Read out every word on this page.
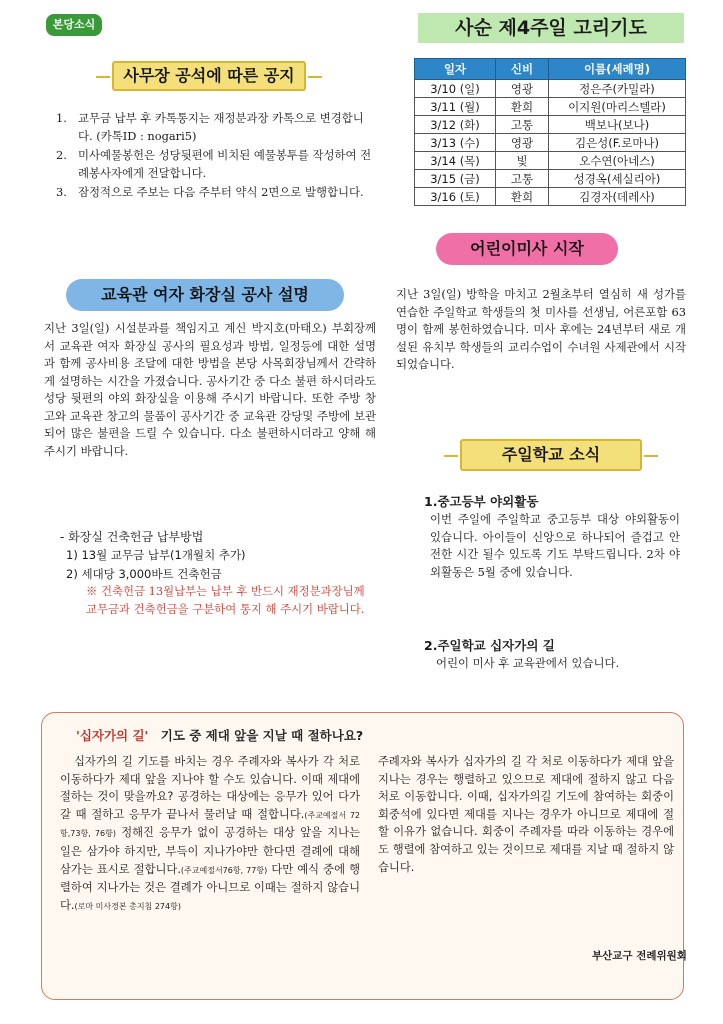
본당소식
사무장 공석에 따른 공지
1. 교무금 납부 후 카톡통지는 재정분과장 카톡으로 변경합니다. (카톡ID : nogari5)
2. 미사예물봉헌은 성당뒷편에 비치된 예물봉투를 작성하여 전례봉사자에게 전달합니다.
3. 잠정적으로 주보는 다음 주부터 약식 2면으로 발행합니다.
사순 제4주일 고리기도
일자	신비	이름(세례명)
3/10 (일)	영광	정은주(카밀라)
3/11 (월)	환희	이지원(마리스텔라)
3/12 (화)	고통	백보나(보나)
3/13 (수)	영광	김은성(F.로마나)
3/14 (목)	빛	오수연(아네스)
3/15 (금)	고통	성경옥(세실리아)
3/16 (토)	환희	김경자(데레사)
어린이미사 시작
지난 3일(일) 방학을 마치고 2월초부터 열심히 새 성가를 연습한 주일학교 학생들의 첫 미사를 선생님, 어른포함 63명이 함께 봉헌하였습니다. 미사 후에는 24년부터 새로 개설된 유치부 학생들의 교리수업이 수녀원 사제관에서 시작 되었습니다.
교육관 여자 화장실 공사 설명
지난 3일(일) 시설분과를 책임지고 계신 박지호(마태오) 부회장께서 교육관 여자 화장실 공사의 필요성과 방법, 일정등에 대한 설명과 함께 공사비용 조달에 대한 방법을 본당 사목회장님께서 간략하게 설명하는 시간을 가졌습니다. 공사기간 중 다소 불편 하시더라도 성당 뒷편의 야외 화장실을 이용해 주시기 바랍니다. 또한 주방 창고와 교육관 창고의 물품이 공사기간 중 교육관 강당및 주방에 보관되어 많은 불편을 드릴 수 있습니다. 다소 불편하시더라고 양해 해 주시기 바랍니다.
- 화장실 건축헌금 납부방법
1) 13월 교무금 납부(1개월치 추가)
2) 세대당 3,000바트 건축헌금
※ 건축헌금 13월납부는 납부 후 반드시 재정분과장님께 교무금과 건축헌금을 구분하여 통지 해 주시기 바랍니다.
주일학교 소식
1.중고등부 야외활동
이번 주일에 주일학교 중고등부 대상 야외활동이 있습니다. 아이들이 신앙으로 하나되어 즐겁고 안전한 시간 될수 있도록 기도 부탁드립니다. 2차 야외활동은 5월 중에 있습니다.
2.주일학교 십자가의 길
어린이 미사 후 교육관에서 있습니다.
'십자가의 길' 기도 중 제대 앞을 지날 때 절하나요?
십자가의 길 기도를 바치는 경우 주례자와 복사가 각 처로 이동하다가 제대 앞을 지나야 할 수도 있습니다. 이때 제대에 절하는 것이 맞을까요? 공경하는 대상에는 응무가 있어 다가갈 때 절하고 응무가 끝나서 물러날 때 절합니다.(주교예절서 72항,73항, 76항) 정해진 응무가 없이 공경하는 대상 앞을 지나는 일은 삼가야 하지만, 부득이 지나가야만 한다면 결례에 대해 삼가는 표시로 절합니다.(주교예절서76항, 77항) 다만 예식 중에 행렬하여 지나가는 것은 결례가 아니므로 이때는 절하지 않습니다.(로마 미사경본 총지침 274항)
주례자와 복사가 십자가의 길 각 처로 이동하다가 제대 앞을 지나는 경우는 행렬하고 있으므로 제대에 절하지 않고 다음 처로 이동합니다. 이때, 십자가의길 기도에 참여하는 회중이 회중석에 있다면 제대를 지나는 경우가 아니므로 제대에 절할 이유가 없습니다. 회중이 주례자를 따라 이동하는 경우에도 행렬에 참여하고 있는 것이므로 제대를 지날 때 절하지 않습니다.
부산교구 전례위원회
